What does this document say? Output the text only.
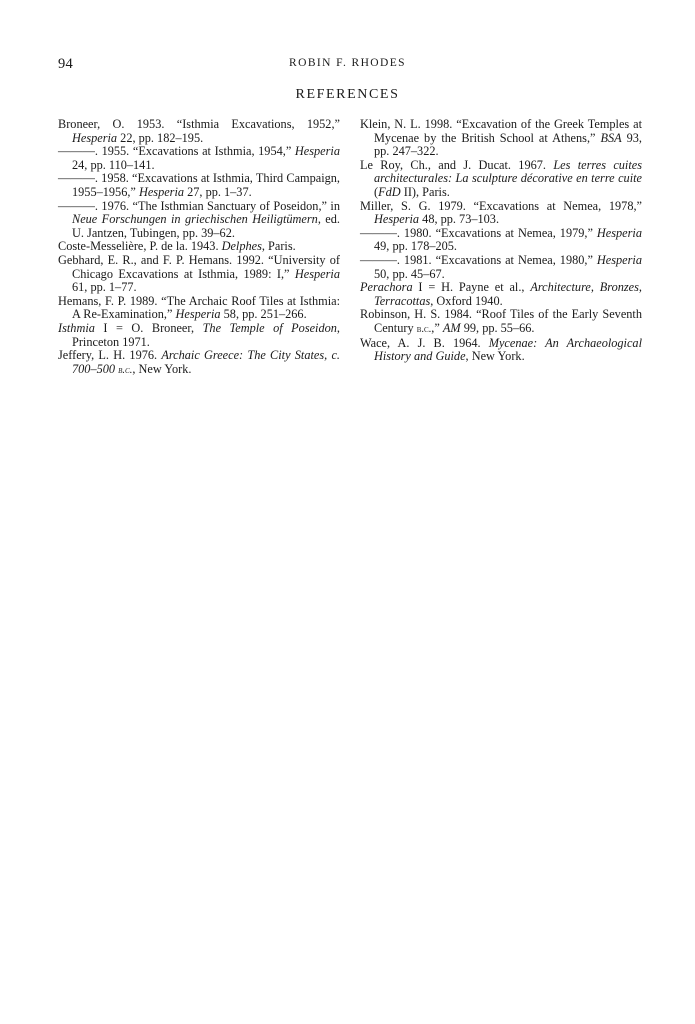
94	ROBIN F. RHODES
REFERENCES

Broneer, O. 1953. “Isthmia Excavations, 1952,” Hesperia 22, pp. 182–195.

———. 1955. “Excavations at Isthmia, 1954,” Hesperia 24, pp. 110–141.

———. 1958. “Excavations at Isthmia, Third Campaign, 1955–1956,” Hesperia 27, pp. 1–37.

———. 1976. “The Isthmian Sanctuary of Poseidon,” in Neue Forschungen in griechischen Heiligtümern, ed. U. Jantzen, Tubingen, pp. 39–62.

Coste-Messelière, P. de la. 1943. Delphes, Paris.

Gebhard, E. R., and F. P. Hemans. 1992. “University of Chicago Excavations at Isthmia, 1989: I,” Hesperia 61, pp. 1–77.

Hemans, F. P. 1989. “The Archaic Roof Tiles at Isthmia: A Re-Examination,” Hesperia 58, pp. 251–266.

Isthmia I = O. Broneer, The Temple of Poseidon, Princeton 1971.

Jeffery, L. H. 1976. Archaic Greece: The City States, c. 700–500 b.c., New York.

Klein, N. L. 1998. “Excavation of the Greek Temples at Mycenae by the British School at Athens,” BSA 93, pp. 247–322.

Le Roy, Ch., and J. Ducat. 1967. Les terres cuites architecturales: La sculpture décorative en terre cuite (FdD II), Paris.

Miller, S. G. 1979. “Excavations at Nemea, 1978,” Hesperia 48, pp. 73–103.

———. 1980. “Excavations at Nemea, 1979,” Hesperia 49, pp. 178–205.

———. 1981. “Excavations at Nemea, 1980,” Hesperia 50, pp. 45–67.

Perachora I = H. Payne et al., Architecture, Bronzes, Terracottas, Oxford 1940.

Robinson, H. S. 1984. “Roof Tiles of the Early Seventh Century b.c.,” AM 99, pp. 55–66.

Wace, A. J. B. 1964. Mycenae: An Archaeological History and Guide, New York.
